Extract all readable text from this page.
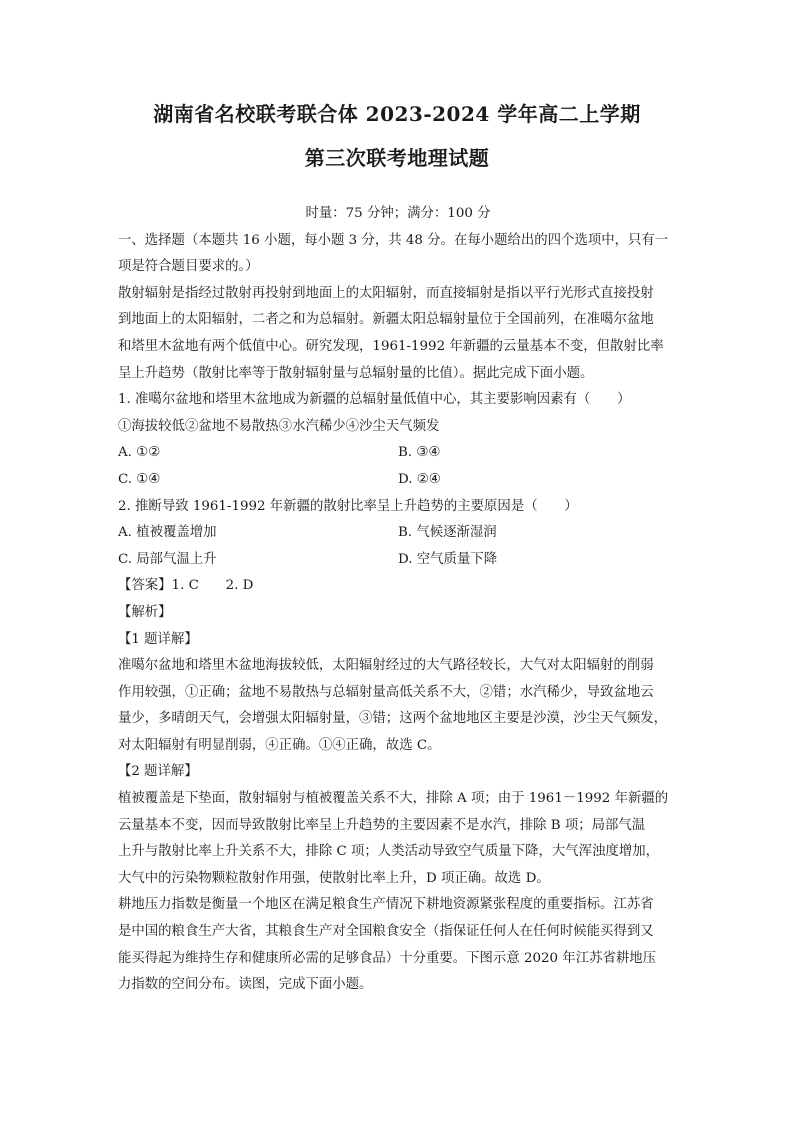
湖南省名校联考联合体 2023-2024 学年高二上学期
第三次联考地理试题
时量：75 分钟；满分：100 分
一、选择题（本题共 16 小题，每小题 3 分，共 48 分。在每小题给出的四个选项中，只有一
项是符合题目要求的。）
散射辐射是指经过散射再投射到地面上的太阳辐射，而直接辐射是指以平行光形式直接投射
到地面上的太阳辐射，二者之和为总辐射。新疆太阳总辐射量位于全国前列，在准噶尔盆地
和塔里木盆地有两个低值中心。研究发现，1961-1992 年新疆的云量基本不变，但散射比率
呈上升趋势（散射比率等于散射辐射量与总辐射量的比值）。据此完成下面小题。
1. 准噶尔盆地和塔里木盆地成为新疆的总辐射量低值中心，其主要影响因素有（　　）
①海拔较低②盆地不易散热③水汽稀少④沙尘天气频发
A. ①②	B. ③④
C. ①④	D. ②④
2. 推断导致 1961-1992 年新疆的散射比率呈上升趋势的主要原因是（　　）
A. 植被覆盖增加	B. 气候逐渐湿润
C. 局部气温上升	D. 空气质量下降
【答案】1. C　　2. D
【解析】
【1 题详解】
准噶尔盆地和塔里木盆地海拔较低，太阳辐射经过的大气路径较长，大气对太阳辐射的削弱
作用较强，①正确；盆地不易散热与总辐射量高低关系不大，②错；水汽稀少，导致盆地云
量少，多晴朗天气，会增强太阳辐射量，③错；这两个盆地地区主要是沙漠，沙尘天气频发，
对太阳辐射有明显削弱，④正确。①④正确，故选 C。
【2 题详解】
植被覆盖是下垫面，散射辐射与植被覆盖关系不大，排除 A 项；由于 1961－1992 年新疆的
云量基本不变，因而导致散射比率呈上升趋势的主要因素不是水汽，排除 B 项；局部气温
上升与散射比率上升关系不大，排除 C 项；人类活动导致空气质量下降，大气浑浊度增加，
大气中的污染物颗粒散射作用强，使散射比率上升，D 项正确。故选 D。
耕地压力指数是衡量一个地区在满足粮食生产情况下耕地资源紧张程度的重要指标。江苏省
是中国的粮食生产大省，其粮食生产对全国粮食安全（指保证任何人在任何时候能买得到又
能买得起为维持生存和健康所必需的足够食品）十分重要。下图示意 2020 年江苏省耕地压
力指数的空间分布。读图，完成下面小题。
